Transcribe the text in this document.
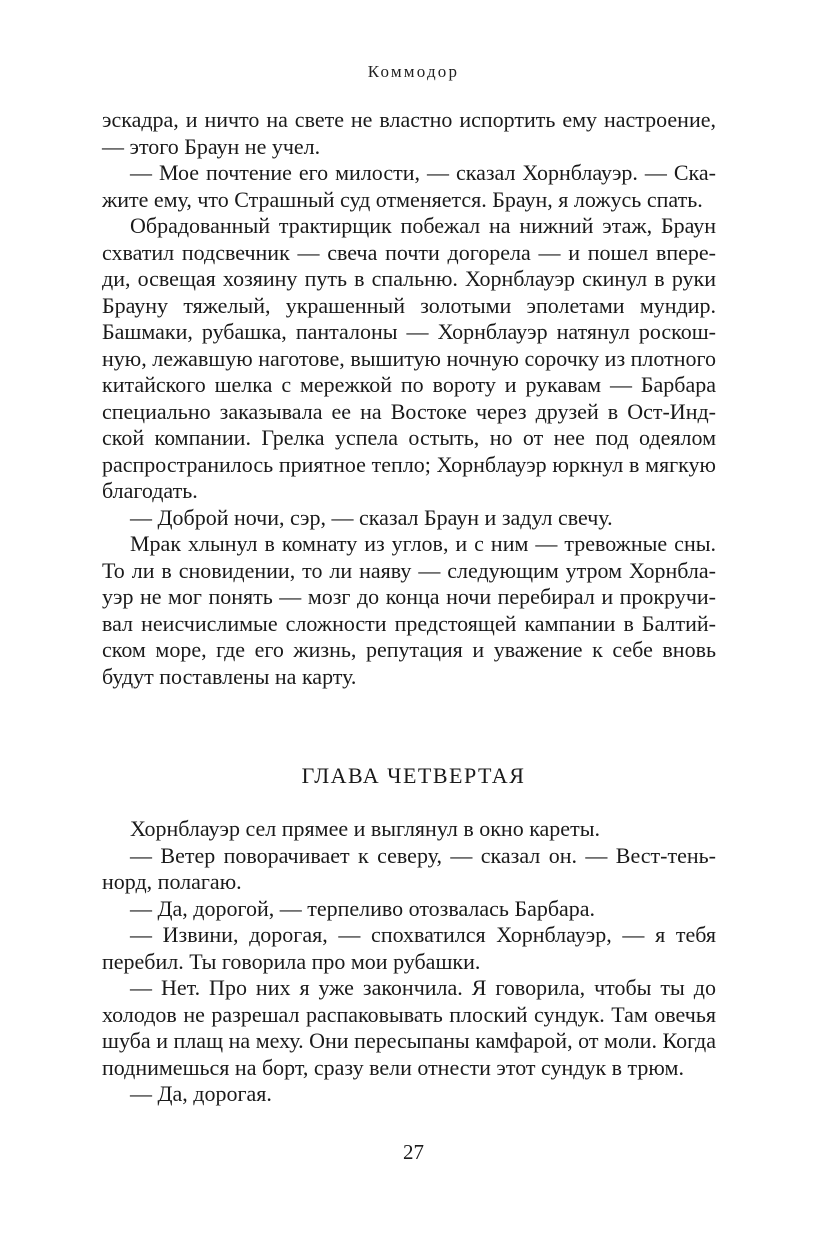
Коммодор

эскадра, и ничто на свете не властно испортить ему настроение, — этого Браун не учел.

— Мое почтение его милости, — сказал Хорнблауэр. — Скажите ему, что Страшный суд отменяется. Браун, я ложусь спать.

Обрадованный трактирщик побежал на нижний этаж, Браун схватил подсвечник — свеча почти догорела — и пошел впереди, освещая хозяину путь в спальню. Хорнблауэр скинул в руки Брауну тяжелый, украшенный золотыми эполетами мундир. Башмаки, рубашка, панталоны — Хорнблауэр натянул роскошную, лежавшую наготове, вышитую ночную сорочку из плотного китайского шелка с мережкой по вороту и рукавам — Барбара специально заказывала ее на Востоке через друзей в Ост-Индской компании. Грелка успела остыть, но от нее под одеялом распространилось приятное тепло; Хорнблауэр юркнул в мягкую благодать.

— Доброй ночи, сэр, — сказал Браун и задул свечу.

Мрак хлынул в комнату из углов, и с ним — тревожные сны. То ли в сновидении, то ли наяву — следующим утром Хорнблауэр не мог понять — мозг до конца ночи перебирал и прокручивал неисчислимые сложности предстоящей кампании в Балтийском море, где его жизнь, репутация и уважение к себе вновь будут поставлены на карту.

ГЛАВА ЧЕТВЕРТАЯ

Хорнблауэр сел прямее и выглянул в окно кареты.

— Ветер поворачивает к северу, — сказал он. — Вест-теньнорд, полагаю.

— Да, дорогой, — терпеливо отозвалась Барбара.

— Извини, дорогая, — спохватился Хорнблауэр, — я тебя перебил. Ты говорила про мои рубашки.

— Нет. Про них я уже закончила. Я говорила, чтобы ты до холодов не разрешал распаковывать плоский сундук. Там овечья шуба и плащ на меху. Они пересыпаны камфарой, от моли. Когда поднимешься на борт, сразу вели отнести этот сундук в трюм.

— Да, дорогая.

27
